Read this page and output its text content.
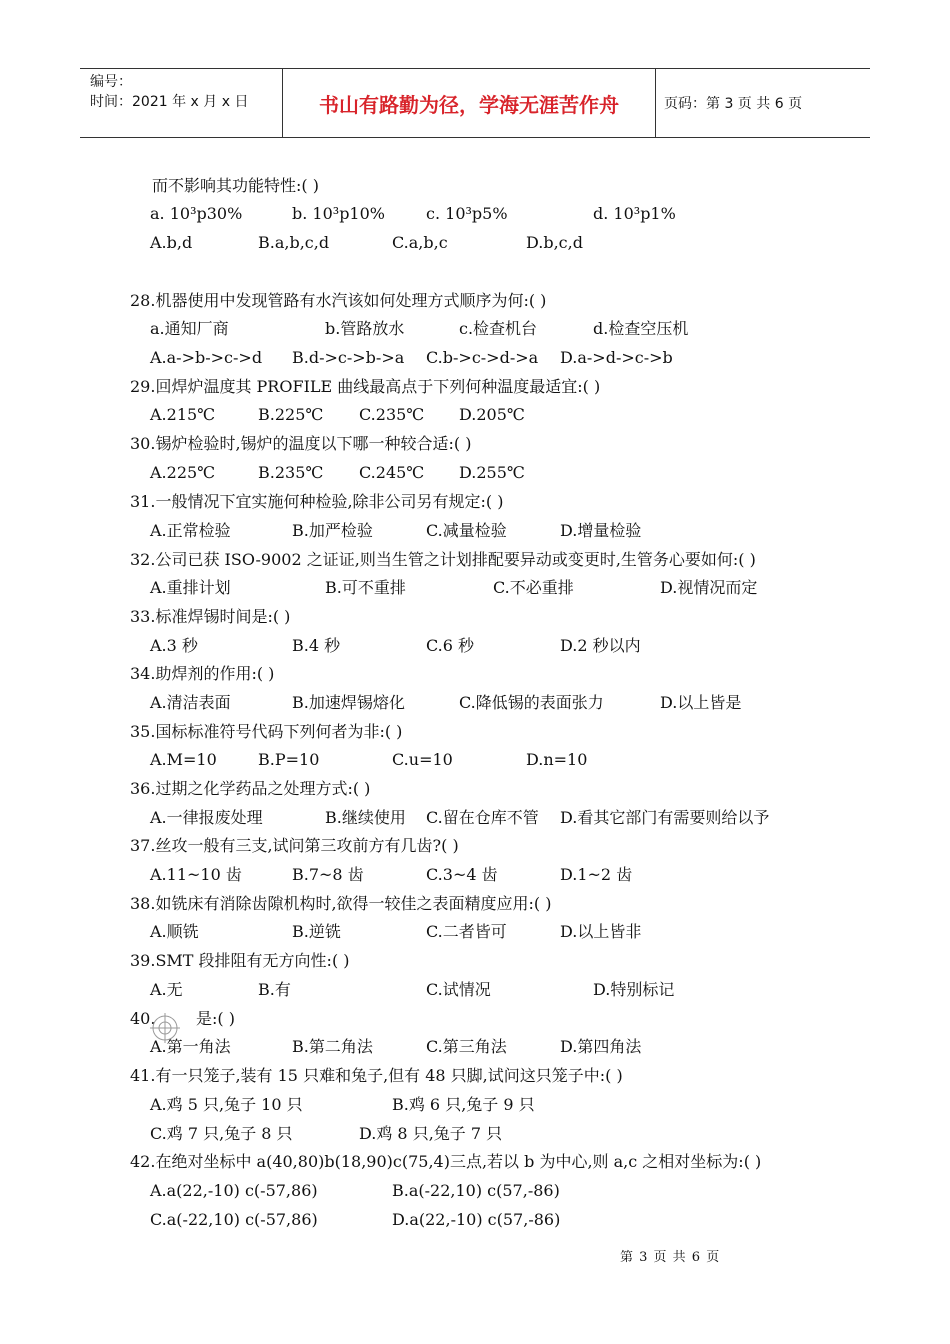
编号：
时间：2021 年 x 月 x 日	书山有路勤为径，学海无涯苦作舟	页码：第 3 页 共 6 页
而不影响其功能特性:( )
a. 10³p30%	b. 10³p10%	c. 10³p5%	d. 10³p1%
A.b,d	B.a,b,c,d	C.a,b,c	D.b,c,d
28.机器使用中发现管路有水汽该如何处理方式顺序为何:( )
a.通知厂商	b.管路放水	c.检查机台	d.检查空压机
A.a->b->c->d B.d->c->b->a C.b->c->d->a D.a->d->c->b
29.回焊炉温度其 PROFILE 曲线最高点于下列何种温度最适宜:( )
A.215℃	B.225℃ C.235℃ D.205℃
30.锡炉检验时,锡炉的温度以下哪一种较合适:( )
A.225℃	B.235℃ C.245℃ D.255℃
31.一般情况下宜实施何种检验,除非公司另有规定:( )
A.正常检验	B.加严检验	C.减量检验	D.增量检验
32.公司已获 ISO-9002 之证证,则当生管之计划排配要异动或变更时,生管务心要如何:( )
A.重排计划	B.可不重排	C.不必重排	D.视情况而定
33.标准焊锡时间是:( )
A.3 秒	B.4 秒	C.6 秒	D.2 秒以内
34.助焊剂的作用:( )
A.清洁表面	B.加速焊锡熔化	C.降低锡的表面张力	D.以上皆是
35.国标标准符号代码下列何者为非:( )
A.M=10	B.P=10	C.u=10	D.n=10
36.过期之化学药品之处理方式:( )
A.一律报废处理	B.继续使用 C.留在仓库不管 D.看其它部门有需要则给以予
37.丝攻一般有三支,试问第三攻前方有几齿?( )
A.11~10 齿	B.7~8 齿	C.3~4 齿	D.1~2 齿
38.如铣床有消除齿隙机构时,欲得一较佳之表面精度应用:( )
A.顺铣	B.逆铣	C.二者皆可	D.以上皆非
39.SMT 段排阻有无方向性:( )
A.无	B.有	C.试情况	D.特别标记
40.	是:( )
A.第一角法	B.第二角法	C.第三角法	D.第四角法
41.有一只笼子,装有 15 只难和兔子,但有 48 只脚,试问这只笼子中:( )
A.鸡 5 只,兔子 10 只	B.鸡 6 只,兔子 9 只
C.鸡 7 只,兔子 8 只	D.鸡 8 只,兔子 7 只
42.在绝对坐标中 a(40,80)b(18,90)c(75,4)三点,若以 b 为中心,则 a,c 之相对坐标为:( )
A.a(22,-10) c(-57,86)	B.a(-22,10) c(57,-86)
C.a(-22,10) c(-57,86)	D.a(22,-10) c(57,-86)
第 3 页 共 6 页
